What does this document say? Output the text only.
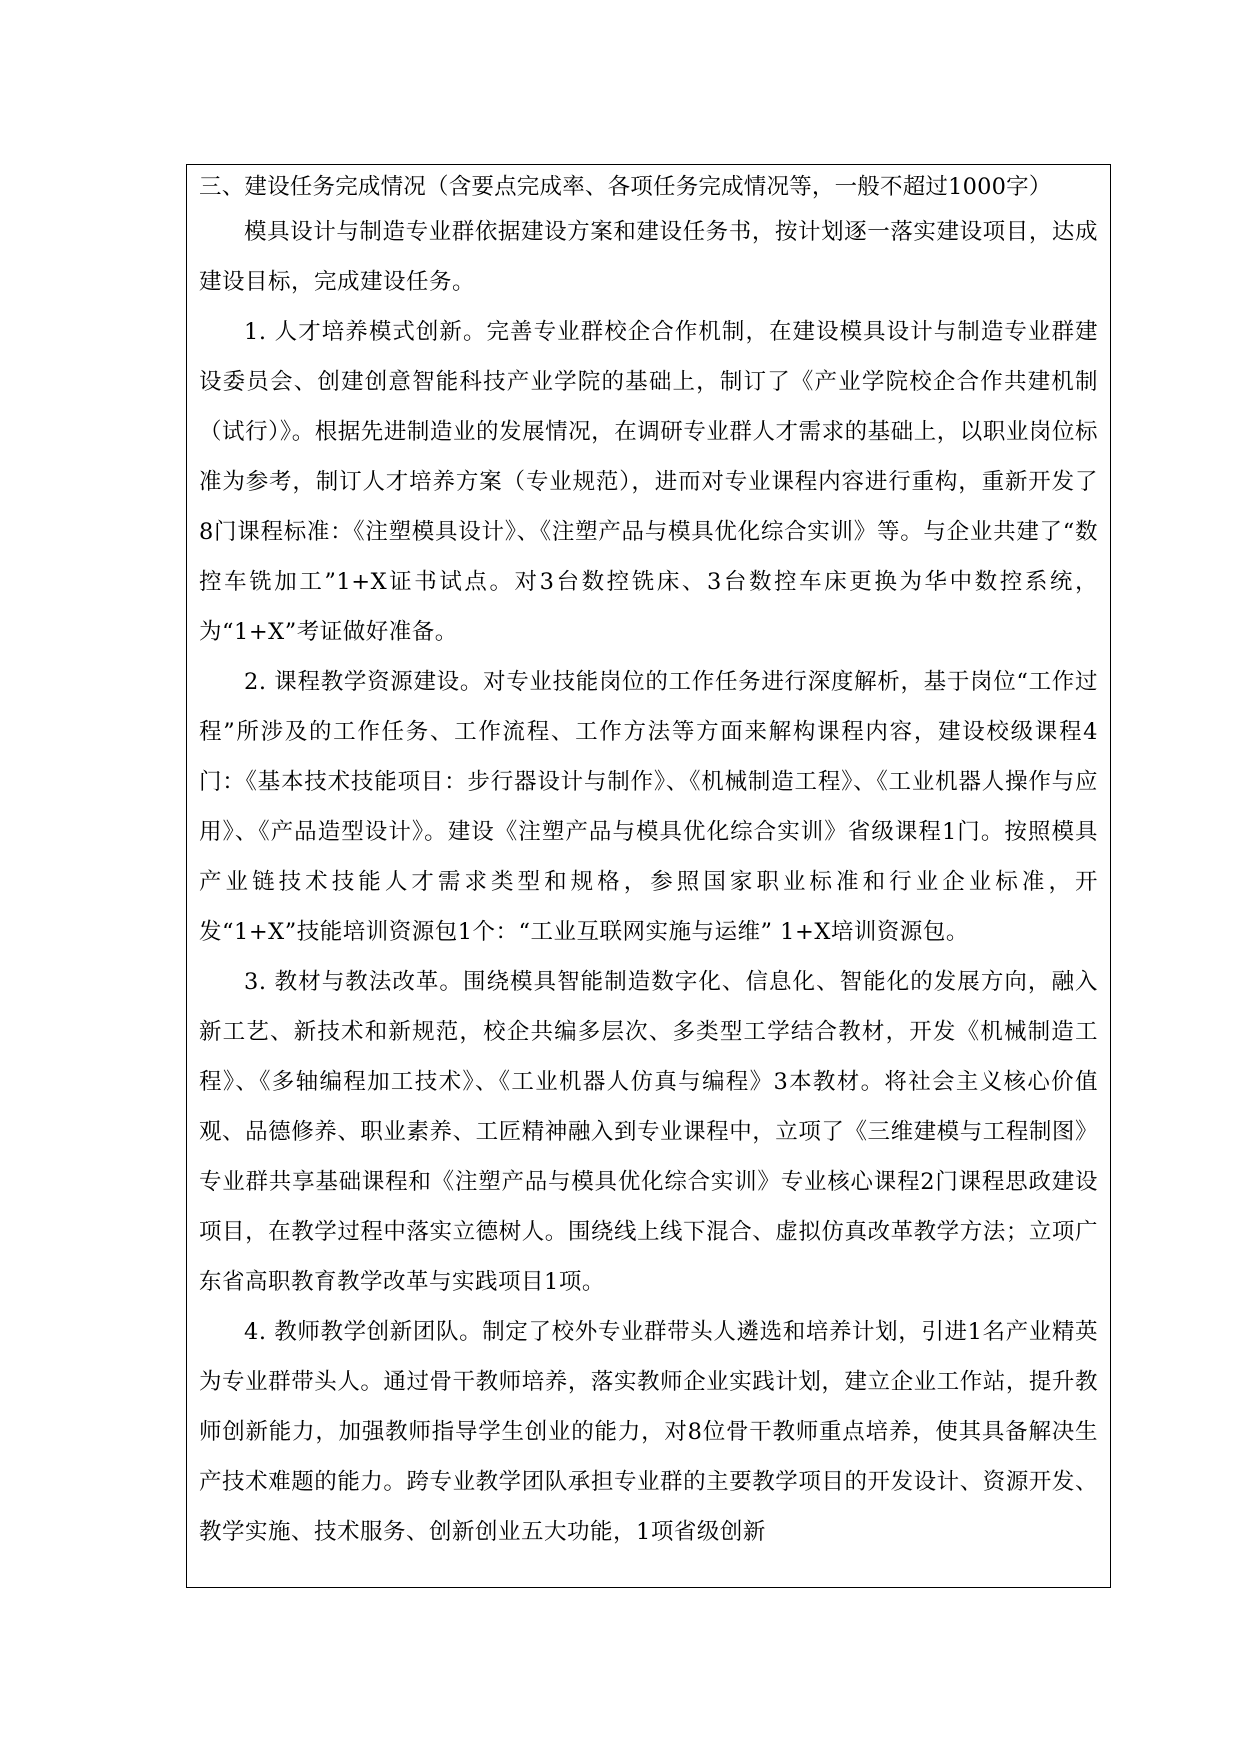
三、建设任务完成情况（含要点完成率、各项任务完成情况等，一般不超过1000字）

模具设计与制造专业群依据建设方案和建设任务书，按计划逐一落实建设项目，达成建设目标，完成建设任务。

1. 人才培养模式创新。完善专业群校企合作机制，在建设模具设计与制造专业群建设委员会、创建创意智能科技产业学院的基础上，制订了《产业学院校企合作共建机制（试行）》。根据先进制造业的发展情况，在调研专业群人才需求的基础上，以职业岗位标准为参考，制订人才培养方案（专业规范），进而对专业课程内容进行重构，重新开发了8门课程标准：《注塑模具设计》、《注塑产品与模具优化综合实训》等。与企业共建了“数控车铣加工”1+X证书试点。对3台数控铣床、3台数控车床更换为华中数控系统，为“1+X”考证做好准备。

2. 课程教学资源建设。对专业技能岗位的工作任务进行深度解析，基于岗位“工作过程”所涉及的工作任务、工作流程、工作方法等方面来解构课程内容，建设校级课程4门：《基本技术技能项目：步行器设计与制作》、《机械制造工程》、《工业机器人操作与应用》、《产品造型设计》。建设《注塑产品与模具优化综合实训》省级课程1门。按照模具产业链技术技能人才需求类型和规格，参照国家职业标准和行业企业标准，开发“1+X”技能培训资源包1个：“工业互联网实施与运维” 1+X培训资源包。

3. 教材与教法改革。围绕模具智能制造数字化、信息化、智能化的发展方向，融入新工艺、新技术和新规范，校企共编多层次、多类型工学结合教材，开发《机械制造工程》、《多轴编程加工技术》、《工业机器人仿真与编程》3本教材。将社会主义核心价值观、品德修养、职业素养、工匠精神融入到专业课程中，立项了《三维建模与工程制图》专业群共享基础课程和《注塑产品与模具优化综合实训》专业核心课程2门课程思政建设项目，在教学过程中落实立德树人。围绕线上线下混合、虚拟仿真改革教学方法；立项广东省高职教育教学改革与实践项目1项。

4. 教师教学创新团队。制定了校外专业群带头人遴选和培养计划，引进1名产业精英为专业群带头人。通过骨干教师培养，落实教师企业实践计划，建立企业工作站，提升教师创新能力，加强教师指导学生创业的能力，对8位骨干教师重点培养，使其具备解决生产技术难题的能力。跨专业教学团队承担专业群的主要教学项目的开发设计、资源开发、教学实施、技术服务、创新创业五大功能，1项省级创新
